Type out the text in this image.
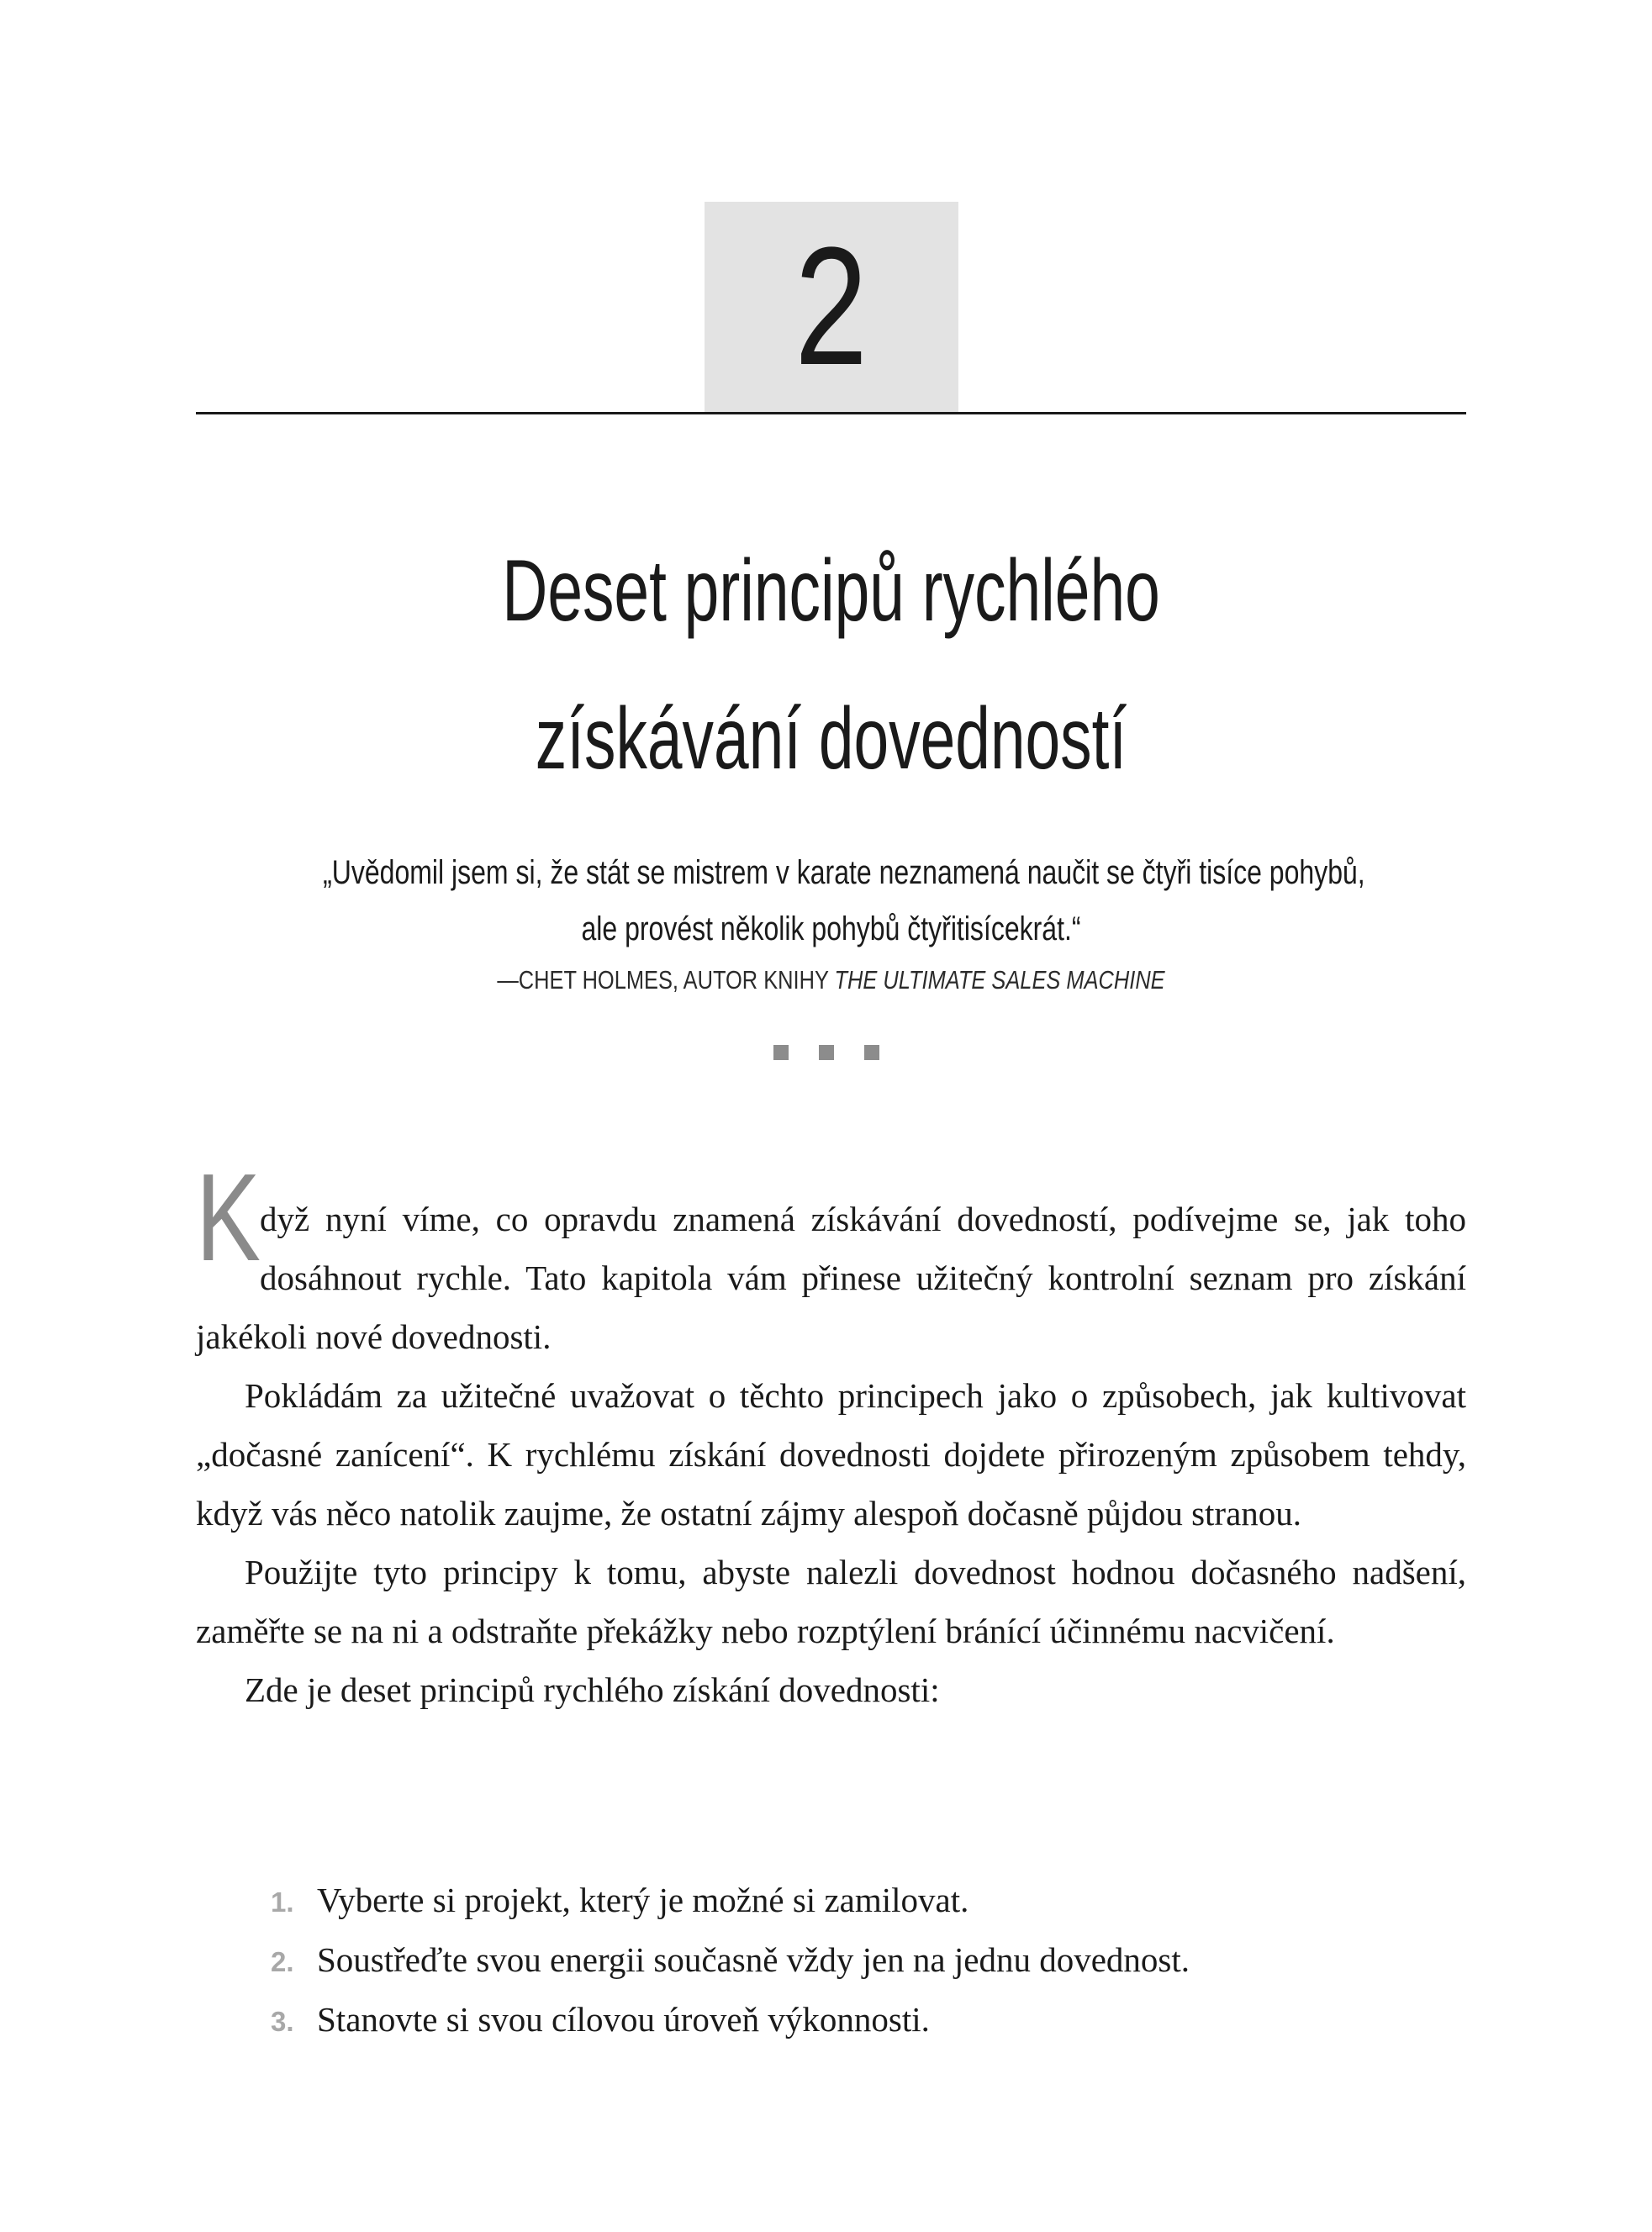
2
Deset principů rychlého
získávání dovedností
„Uvědomil jsem si, že stát se mistrem v karate neznamená naučit se čtyři tisíce pohybů,
ale provést několik pohybů čtyřitisícekrát.“
—CHET HOLMES, AUTOR KNIHY THE ULTIMATE SALES MACHINE

K
dyž nyní víme, co opravdu znamená získávání dovedností, podívejme se, jak toho dosáhnout rychle. Tato kapitola vám přinese užitečný kontrolní seznam pro získání jakékoli nové dovednosti.

Pokládám za užitečné uvažovat o těchto principech jako o způsobech, jak kultivovat „dočasné zanícení“. K rychlému získání dovednosti dojdete přirozeným způsobem tehdy, když vás něco natolik zaujme, že ostatní zájmy alespoň dočasně půjdou stranou.

Použijte tyto principy k tomu, abyste nalezli dovednost hodnou dočasného nadšení, zaměřte se na ni a odstraňte překážky nebo rozptýlení bránící účinnému nacvičení.

Zde je deset principů rychlého získání dovednosti:

1. Vyberte si projekt, který je možné si zamilovat.
2. Soustřeďte svou energii současně vždy jen na jednu dovednost.
3. Stanovte si svou cílovou úroveň výkonnosti.
